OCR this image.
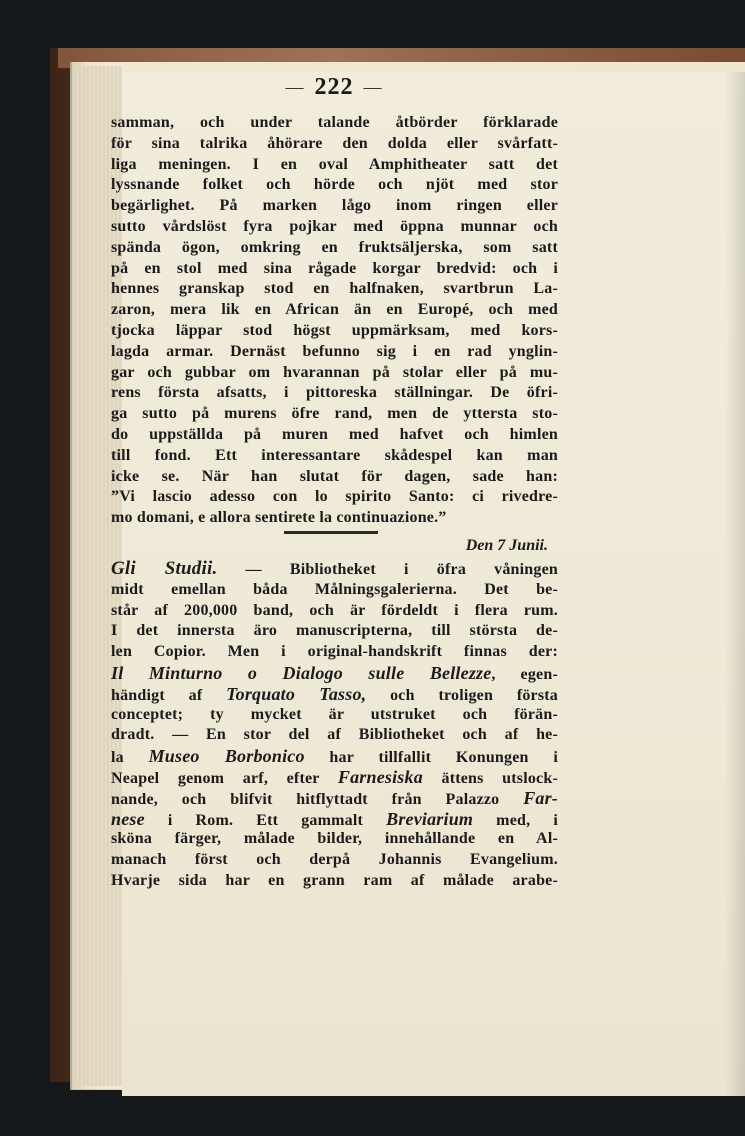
— 222 —
samman, och under talande åtbörder förklarade
för sina talrika åhörare den dolda eller svårfatt-
liga meningen. I en oval Amphitheater satt det
lyssnande folket och hörde och njöt med stor
begärlighet. På marken lågo inom ringen eller
sutto vårdslöst fyra pojkar med öppna munnar och
spända ögon, omkring en fruktsäljerska, som satt
på en stol med sina rågade korgar bredvid: och i
hennes granskap stod en halfnaken, svartbrun La-
zaron, mera lik en African än en Europé, och med
tjocka läppar stod högst uppmärksam, med kors-
lagda armar. Dernäst befunno sig i en rad ynglin-
gar och gubbar om hvarannan på stolar eller på mu-
rens första afsatts, i pittoreska ställningar. De öfri-
ga sutto på murens öfre rand, men de yttersta sto-
do uppställda på muren med hafvet och himlen
till fond. Ett interessantare skådespel kan man
icke se. När han slutat för dagen, sade han:
”Vi lascio adesso con lo spirito Santo: ci rivedre-
mo domani, e allora sentirete la continuazione.”
Den 7 Junii.
Gli Studii. — Bibliotheket i öfra våningen
midt emellan båda Målningsgalerierna. Det be-
står af 200,000 band, och är fördeldt i flera rum.
I det innersta äro manuscripterna, till största de-
len Copior. Men i original-handskrift finnas der:
Il Minturno o Dialogo sulle Bellezze, egen-
händigt af Torquato Tasso, och troligen första
conceptet; ty mycket är utstruket och förän-
dradt. — En stor del af Bibliotheket och af he-
la Museo Borbonico har tillfallit Konungen i
Neapel genom arf, efter Farnesiska ättens utslock-
nande, och blifvit hitflyttadt från Palazzo Far-
nese i Rom. Ett gammalt Breviarium med, i
sköna färger, målade bilder, innehållande en Al-
manach först och derpå Johannis Evangelium.
Hvarje sida har en grann ram af målade arabe-
